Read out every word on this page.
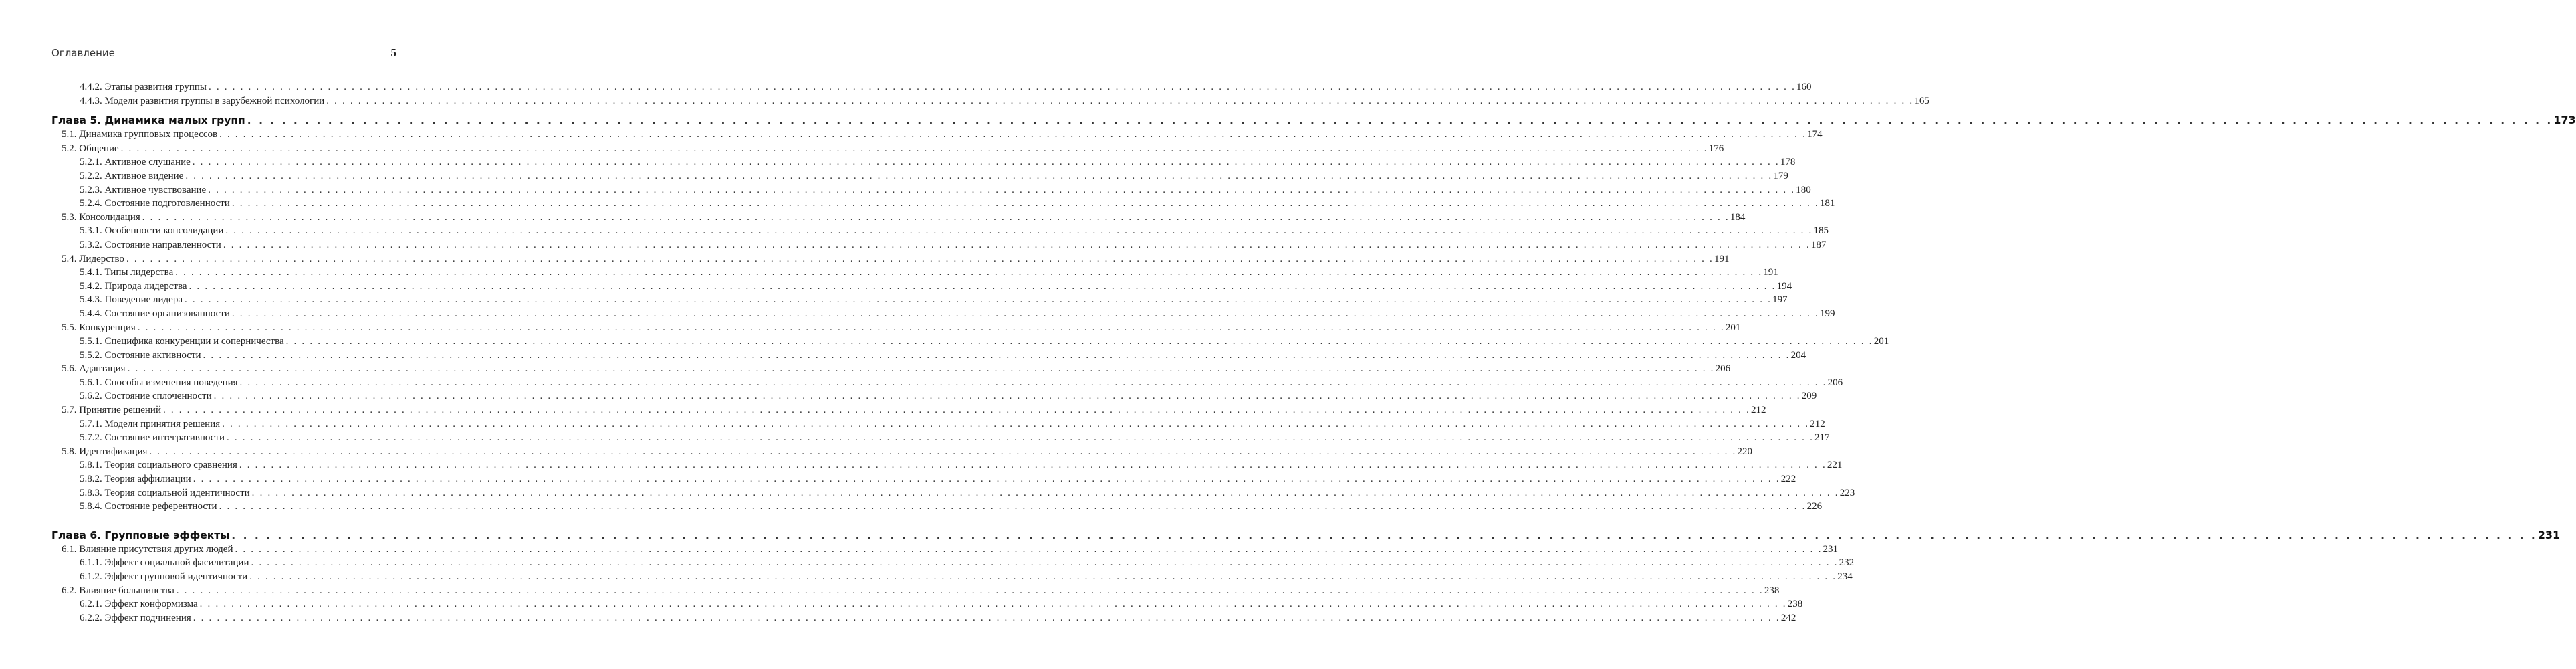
Оглавление	5
4.4.2. Этапы развития группы . . . . . . . . . . . . . . . . . . . . . . . . . . . . . . . . . . . . . . . . . . . . . . . . . . . . . . . . . . . . . . . . . . . . . . . . . . . . . . . . . . . . . . . . . . . . . . . . . . . . . . . . . . . . . . . . . . . . . . . . . . . . . . . . . . . . . . . . . . . . . . . . . . . . . . . . . . . . . . . . . . . . . . . . . . . . . . . . . . . . . . . . . . . . . . . . . . . . . . . . 160
4.4.3. Модели развития группы в зарубежной психологии . . . . . . . . . . . . . . . . . . . . . . . . . . . . . . . . . . . . . . . . . . . . . . . . . . . . . . . . . . . . . . . . . . . . . . . . . . . . . . . . . . . . . . . . . . . . . . . . . . . . . . . . . . . . . . . . . . . . . . . . . . . . . . . . . . . . . . . . . . . . . . . . . . . . . . . . . . . . . . . . . . . . . . . . . . . . . . . . . . . . . . . . . . . . . . . . . . . . . . . . 165
Глава 5. Динамика малых групп . . . . . . . . . . . . . . . . . . . . . . . . . . . . . . . . . . . . . . . . . . . . . . . . . . . . . . . . . . . . . . . . . . . . . . . . . . . . . . . . . . . . . . . . . . . . . . . . . . . . . . . . . . . . . . . . . . . . . . . . . . . . . . . . . . . . . . . . . . . . . . . . . . . . . . . . . . . . . . . . . . . . . . . . . . . . . . . . . . . . . . . . . . . . . . . . . . . . . . . . 173
5.1. Динамика групповых процессов . . . . . . . . . . . . . . . . . . . . . . . . . . . . . . . . . . . . . . . . . . . . . . . . . . . . . . . . . . . . . . . . . . . . . . . . . . . . . . . . . . . . . . . . . . . . . . . . . . . . . . . . . . . . . . . . . . . . . . . . . . . . . . . . . . . . . . . . . . . . . . . . . . . . . . . . . . . . . . . . . . . . . . . . . . . . . . . . . . . . . . . . . . . . . . . . . . . . . . . . 174
5.2. Общение . . . . . . . . . . . . . . . . . . . . . . . . . . . . . . . . . . . . . . . . . . . . . . . . . . . . . . . . . . . . . . . . . . . . . . . . . . . . . . . . . . . . . . . . . . . . . . . . . . . . . . . . . . . . . . . . . . . . . . . . . . . . . . . . . . . . . . . . . . . . . . . . . . . . . . . . . . . . . . . . . . . . . . . . . . . . . . . . . . . . . . . . . . . . . . . . . . . . . . . . 176
5.2.1. Активное слушание . . . . . . . . . . . . . . . . . . . . . . . . . . . . . . . . . . . . . . . . . . . . . . . . . . . . . . . . . . . . . . . . . . . . . . . . . . . . . . . . . . . . . . . . . . . . . . . . . . . . . . . . . . . . . . . . . . . . . . . . . . . . . . . . . . . . . . . . . . . . . . . . . . . . . . . . . . . . . . . . . . . . . . . . . . . . . . . . . . . . . . . . . . . . . . . . . . . . . . . . 178
5.2.2. Активное видение . . . . . . . . . . . . . . . . . . . . . . . . . . . . . . . . . . . . . . . . . . . . . . . . . . . . . . . . . . . . . . . . . . . . . . . . . . . . . . . . . . . . . . . . . . . . . . . . . . . . . . . . . . . . . . . . . . . . . . . . . . . . . . . . . . . . . . . . . . . . . . . . . . . . . . . . . . . . . . . . . . . . . . . . . . . . . . . . . . . . . . . . . . . . . . . . . . . . . . . . 179
5.2.3. Активное чувствование . . . . . . . . . . . . . . . . . . . . . . . . . . . . . . . . . . . . . . . . . . . . . . . . . . . . . . . . . . . . . . . . . . . . . . . . . . . . . . . . . . . . . . . . . . . . . . . . . . . . . . . . . . . . . . . . . . . . . . . . . . . . . . . . . . . . . . . . . . . . . . . . . . . . . . . . . . . . . . . . . . . . . . . . . . . . . . . . . . . . . . . . . . . . . . . . . . . . . . . . 180
5.2.4. Состояние подготовленности . . . . . . . . . . . . . . . . . . . . . . . . . . . . . . . . . . . . . . . . . . . . . . . . . . . . . . . . . . . . . . . . . . . . . . . . . . . . . . . . . . . . . . . . . . . . . . . . . . . . . . . . . . . . . . . . . . . . . . . . . . . . . . . . . . . . . . . . . . . . . . . . . . . . . . . . . . . . . . . . . . . . . . . . . . . . . . . . . . . . . . . . . . . . . . . . . . . . . . . . 181
5.3. Консолидация . . . . . . . . . . . . . . . . . . . . . . . . . . . . . . . . . . . . . . . . . . . . . . . . . . . . . . . . . . . . . . . . . . . . . . . . . . . . . . . . . . . . . . . . . . . . . . . . . . . . . . . . . . . . . . . . . . . . . . . . . . . . . . . . . . . . . . . . . . . . . . . . . . . . . . . . . . . . . . . . . . . . . . . . . . . . . . . . . . . . . . . . . . . . . . . . . . . . . . . . 184
5.3.1. Особенности консолидации . . . . . . . . . . . . . . . . . . . . . . . . . . . . . . . . . . . . . . . . . . . . . . . . . . . . . . . . . . . . . . . . . . . . . . . . . . . . . . . . . . . . . . . . . . . . . . . . . . . . . . . . . . . . . . . . . . . . . . . . . . . . . . . . . . . . . . . . . . . . . . . . . . . . . . . . . . . . . . . . . . . . . . . . . . . . . . . . . . . . . . . . . . . . . . . . . . . . . . . . 185
5.3.2. Состояние направленности . . . . . . . . . . . . . . . . . . . . . . . . . . . . . . . . . . . . . . . . . . . . . . . . . . . . . . . . . . . . . . . . . . . . . . . . . . . . . . . . . . . . . . . . . . . . . . . . . . . . . . . . . . . . . . . . . . . . . . . . . . . . . . . . . . . . . . . . . . . . . . . . . . . . . . . . . . . . . . . . . . . . . . . . . . . . . . . . . . . . . . . . . . . . . . . . . . . . . . . . 187
5.4. Лидерство . . . . . . . . . . . . . . . . . . . . . . . . . . . . . . . . . . . . . . . . . . . . . . . . . . . . . . . . . . . . . . . . . . . . . . . . . . . . . . . . . . . . . . . . . . . . . . . . . . . . . . . . . . . . . . . . . . . . . . . . . . . . . . . . . . . . . . . . . . . . . . . . . . . . . . . . . . . . . . . . . . . . . . . . . . . . . . . . . . . . . . . . . . . . . . . . . . . . . . . . 191
5.4.1. Типы лидерства . . . . . . . . . . . . . . . . . . . . . . . . . . . . . . . . . . . . . . . . . . . . . . . . . . . . . . . . . . . . . . . . . . . . . . . . . . . . . . . . . . . . . . . . . . . . . . . . . . . . . . . . . . . . . . . . . . . . . . . . . . . . . . . . . . . . . . . . . . . . . . . . . . . . . . . . . . . . . . . . . . . . . . . . . . . . . . . . . . . . . . . . . . . . . . . . . . . . . . . . 191
5.4.2. Природа лидерства . . . . . . . . . . . . . . . . . . . . . . . . . . . . . . . . . . . . . . . . . . . . . . . . . . . . . . . . . . . . . . . . . . . . . . . . . . . . . . . . . . . . . . . . . . . . . . . . . . . . . . . . . . . . . . . . . . . . . . . . . . . . . . . . . . . . . . . . . . . . . . . . . . . . . . . . . . . . . . . . . . . . . . . . . . . . . . . . . . . . . . . . . . . . . . . . . . . . . . . . 194
5.4.3. Поведение лидера . . . . . . . . . . . . . . . . . . . . . . . . . . . . . . . . . . . . . . . . . . . . . . . . . . . . . . . . . . . . . . . . . . . . . . . . . . . . . . . . . . . . . . . . . . . . . . . . . . . . . . . . . . . . . . . . . . . . . . . . . . . . . . . . . . . . . . . . . . . . . . . . . . . . . . . . . . . . . . . . . . . . . . . . . . . . . . . . . . . . . . . . . . . . . . . . . . . . . . . . 197
5.4.4. Состояние организованности . . . . . . . . . . . . . . . . . . . . . . . . . . . . . . . . . . . . . . . . . . . . . . . . . . . . . . . . . . . . . . . . . . . . . . . . . . . . . . . . . . . . . . . . . . . . . . . . . . . . . . . . . . . . . . . . . . . . . . . . . . . . . . . . . . . . . . . . . . . . . . . . . . . . . . . . . . . . . . . . . . . . . . . . . . . . . . . . . . . . . . . . . . . . . . . . . . . . . . . . 199
5.5. Конкуренция . . . . . . . . . . . . . . . . . . . . . . . . . . . . . . . . . . . . . . . . . . . . . . . . . . . . . . . . . . . . . . . . . . . . . . . . . . . . . . . . . . . . . . . . . . . . . . . . . . . . . . . . . . . . . . . . . . . . . . . . . . . . . . . . . . . . . . . . . . . . . . . . . . . . . . . . . . . . . . . . . . . . . . . . . . . . . . . . . . . . . . . . . . . . . . . . . . . . . . . . 201
5.5.1. Специфика конкуренции и соперничества . . . . . . . . . . . . . . . . . . . . . . . . . . . . . . . . . . . . . . . . . . . . . . . . . . . . . . . . . . . . . . . . . . . . . . . . . . . . . . . . . . . . . . . . . . . . . . . . . . . . . . . . . . . . . . . . . . . . . . . . . . . . . . . . . . . . . . . . . . . . . . . . . . . . . . . . . . . . . . . . . . . . . . . . . . . . . . . . . . . . . . . . . . . . . . . . . . . . . . . . 201
5.5.2. Состояние активности . . . . . . . . . . . . . . . . . . . . . . . . . . . . . . . . . . . . . . . . . . . . . . . . . . . . . . . . . . . . . . . . . . . . . . . . . . . . . . . . . . . . . . . . . . . . . . . . . . . . . . . . . . . . . . . . . . . . . . . . . . . . . . . . . . . . . . . . . . . . . . . . . . . . . . . . . . . . . . . . . . . . . . . . . . . . . . . . . . . . . . . . . . . . . . . . . . . . . . . . 204
5.6. Адаптация . . . . . . . . . . . . . . . . . . . . . . . . . . . . . . . . . . . . . . . . . . . . . . . . . . . . . . . . . . . . . . . . . . . . . . . . . . . . . . . . . . . . . . . . . . . . . . . . . . . . . . . . . . . . . . . . . . . . . . . . . . . . . . . . . . . . . . . . . . . . . . . . . . . . . . . . . . . . . . . . . . . . . . . . . . . . . . . . . . . . . . . . . . . . . . . . . . . . . . . . 206
5.6.1. Способы изменения поведения . . . . . . . . . . . . . . . . . . . . . . . . . . . . . . . . . . . . . . . . . . . . . . . . . . . . . . . . . . . . . . . . . . . . . . . . . . . . . . . . . . . . . . . . . . . . . . . . . . . . . . . . . . . . . . . . . . . . . . . . . . . . . . . . . . . . . . . . . . . . . . . . . . . . . . . . . . . . . . . . . . . . . . . . . . . . . . . . . . . . . . . . . . . . . . . . . . . . . . . . 206
5.6.2. Состояние сплоченности . . . . . . . . . . . . . . . . . . . . . . . . . . . . . . . . . . . . . . . . . . . . . . . . . . . . . . . . . . . . . . . . . . . . . . . . . . . . . . . . . . . . . . . . . . . . . . . . . . . . . . . . . . . . . . . . . . . . . . . . . . . . . . . . . . . . . . . . . . . . . . . . . . . . . . . . . . . . . . . . . . . . . . . . . . . . . . . . . . . . . . . . . . . . . . . . . . . . . . . . 209
5.7. Принятие решений . . . . . . . . . . . . . . . . . . . . . . . . . . . . . . . . . . . . . . . . . . . . . . . . . . . . . . . . . . . . . . . . . . . . . . . . . . . . . . . . . . . . . . . . . . . . . . . . . . . . . . . . . . . . . . . . . . . . . . . . . . . . . . . . . . . . . . . . . . . . . . . . . . . . . . . . . . . . . . . . . . . . . . . . . . . . . . . . . . . . . . . . . . . . . . . . . . . . . . . . 212
5.7.1. Модели принятия решения . . . . . . . . . . . . . . . . . . . . . . . . . . . . . . . . . . . . . . . . . . . . . . . . . . . . . . . . . . . . . . . . . . . . . . . . . . . . . . . . . . . . . . . . . . . . . . . . . . . . . . . . . . . . . . . . . . . . . . . . . . . . . . . . . . . . . . . . . . . . . . . . . . . . . . . . . . . . . . . . . . . . . . . . . . . . . . . . . . . . . . . . . . . . . . . . . . . . . . . . 212
5.7.2. Состояние интегративности . . . . . . . . . . . . . . . . . . . . . . . . . . . . . . . . . . . . . . . . . . . . . . . . . . . . . . . . . . . . . . . . . . . . . . . . . . . . . . . . . . . . . . . . . . . . . . . . . . . . . . . . . . . . . . . . . . . . . . . . . . . . . . . . . . . . . . . . . . . . . . . . . . . . . . . . . . . . . . . . . . . . . . . . . . . . . . . . . . . . . . . . . . . . . . . . . . . . . . . . 217
5.8. Идентификация . . . . . . . . . . . . . . . . . . . . . . . . . . . . . . . . . . . . . . . . . . . . . . . . . . . . . . . . . . . . . . . . . . . . . . . . . . . . . . . . . . . . . . . . . . . . . . . . . . . . . . . . . . . . . . . . . . . . . . . . . . . . . . . . . . . . . . . . . . . . . . . . . . . . . . . . . . . . . . . . . . . . . . . . . . . . . . . . . . . . . . . . . . . . . . . . . . . . . . . . 220
5.8.1. Теория социального сравнения . . . . . . . . . . . . . . . . . . . . . . . . . . . . . . . . . . . . . . . . . . . . . . . . . . . . . . . . . . . . . . . . . . . . . . . . . . . . . . . . . . . . . . . . . . . . . . . . . . . . . . . . . . . . . . . . . . . . . . . . . . . . . . . . . . . . . . . . . . . . . . . . . . . . . . . . . . . . . . . . . . . . . . . . . . . . . . . . . . . . . . . . . . . . . . . . . . . . . . . . 221
5.8.2. Теория аффилиации . . . . . . . . . . . . . . . . . . . . . . . . . . . . . . . . . . . . . . . . . . . . . . . . . . . . . . . . . . . . . . . . . . . . . . . . . . . . . . . . . . . . . . . . . . . . . . . . . . . . . . . . . . . . . . . . . . . . . . . . . . . . . . . . . . . . . . . . . . . . . . . . . . . . . . . . . . . . . . . . . . . . . . . . . . . . . . . . . . . . . . . . . . . . . . . . . . . . . . . . 222
5.8.3. Теория социальной идентичности . . . . . . . . . . . . . . . . . . . . . . . . . . . . . . . . . . . . . . . . . . . . . . . . . . . . . . . . . . . . . . . . . . . . . . . . . . . . . . . . . . . . . . . . . . . . . . . . . . . . . . . . . . . . . . . . . . . . . . . . . . . . . . . . . . . . . . . . . . . . . . . . . . . . . . . . . . . . . . . . . . . . . . . . . . . . . . . . . . . . . . . . . . . . . . . . . . . . . . . . 223
5.8.4. Состояние референтности . . . . . . . . . . . . . . . . . . . . . . . . . . . . . . . . . . . . . . . . . . . . . . . . . . . . . . . . . . . . . . . . . . . . . . . . . . . . . . . . . . . . . . . . . . . . . . . . . . . . . . . . . . . . . . . . . . . . . . . . . . . . . . . . . . . . . . . . . . . . . . . . . . . . . . . . . . . . . . . . . . . . . . . . . . . . . . . . . . . . . . . . . . . . . . . . . . . . . . . . 226
Глава 6. Групповые эффекты . . . . . . . . . . . . . . . . . . . . . . . . . . . . . . . . . . . . . . . . . . . . . . . . . . . . . . . . . . . . . . . . . . . . . . . . . . . . . . . . . . . . . . . . . . . . . . . . . . . . . . . . . . . . . . . . . . . . . . . . . . . . . . . . . . . . . . . . . . . . . . . . . . . . . . . . . . . . . . . . . . . . . . . . . . . . . . . . . . . . . . . . . . . . . . . . . . . . . . . . 231
6.1. Влияние присутствия других людей . . . . . . . . . . . . . . . . . . . . . . . . . . . . . . . . . . . . . . . . . . . . . . . . . . . . . . . . . . . . . . . . . . . . . . . . . . . . . . . . . . . . . . . . . . . . . . . . . . . . . . . . . . . . . . . . . . . . . . . . . . . . . . . . . . . . . . . . . . . . . . . . . . . . . . . . . . . . . . . . . . . . . . . . . . . . . . . . . . . . . . . . . . . . . . . . . . . . . . . . 231
6.1.1. Эффект социальной фасилитации . . . . . . . . . . . . . . . . . . . . . . . . . . . . . . . . . . . . . . . . . . . . . . . . . . . . . . . . . . . . . . . . . . . . . . . . . . . . . . . . . . . . . . . . . . . . . . . . . . . . . . . . . . . . . . . . . . . . . . . . . . . . . . . . . . . . . . . . . . . . . . . . . . . . . . . . . . . . . . . . . . . . . . . . . . . . . . . . . . . . . . . . . . . . . . . . . . . . . . . . 232
6.1.2. Эффект групповой идентичности . . . . . . . . . . . . . . . . . . . . . . . . . . . . . . . . . . . . . . . . . . . . . . . . . . . . . . . . . . . . . . . . . . . . . . . . . . . . . . . . . . . . . . . . . . . . . . . . . . . . . . . . . . . . . . . . . . . . . . . . . . . . . . . . . . . . . . . . . . . . . . . . . . . . . . . . . . . . . . . . . . . . . . . . . . . . . . . . . . . . . . . . . . . . . . . . . . . . . . . . 234
6.2. Влияние большинства . . . . . . . . . . . . . . . . . . . . . . . . . . . . . . . . . . . . . . . . . . . . . . . . . . . . . . . . . . . . . . . . . . . . . . . . . . . . . . . . . . . . . . . . . . . . . . . . . . . . . . . . . . . . . . . . . . . . . . . . . . . . . . . . . . . . . . . . . . . . . . . . . . . . . . . . . . . . . . . . . . . . . . . . . . . . . . . . . . . . . . . . . . . . . . . . . . . . . . . . 238
6.2.1. Эффект конформизма . . . . . . . . . . . . . . . . . . . . . . . . . . . . . . . . . . . . . . . . . . . . . . . . . . . . . . . . . . . . . . . . . . . . . . . . . . . . . . . . . . . . . . . . . . . . . . . . . . . . . . . . . . . . . . . . . . . . . . . . . . . . . . . . . . . . . . . . . . . . . . . . . . . . . . . . . . . . . . . . . . . . . . . . . . . . . . . . . . . . . . . . . . . . . . . . . . . . . . . . 238
6.2.2. Эффект подчинения . . . . . . . . . . . . . . . . . . . . . . . . . . . . . . . . . . . . . . . . . . . . . . . . . . . . . . . . . . . . . . . . . . . . . . . . . . . . . . . . . . . . . . . . . . . . . . . . . . . . . . . . . . . . . . . . . . . . . . . . . . . . . . . . . . . . . . . . . . . . . . . . . . . . . . . . . . . . . . . . . . . . . . . . . . . . . . . . . . . . . . . . . . . . . . . . . . . . . . . . 242
